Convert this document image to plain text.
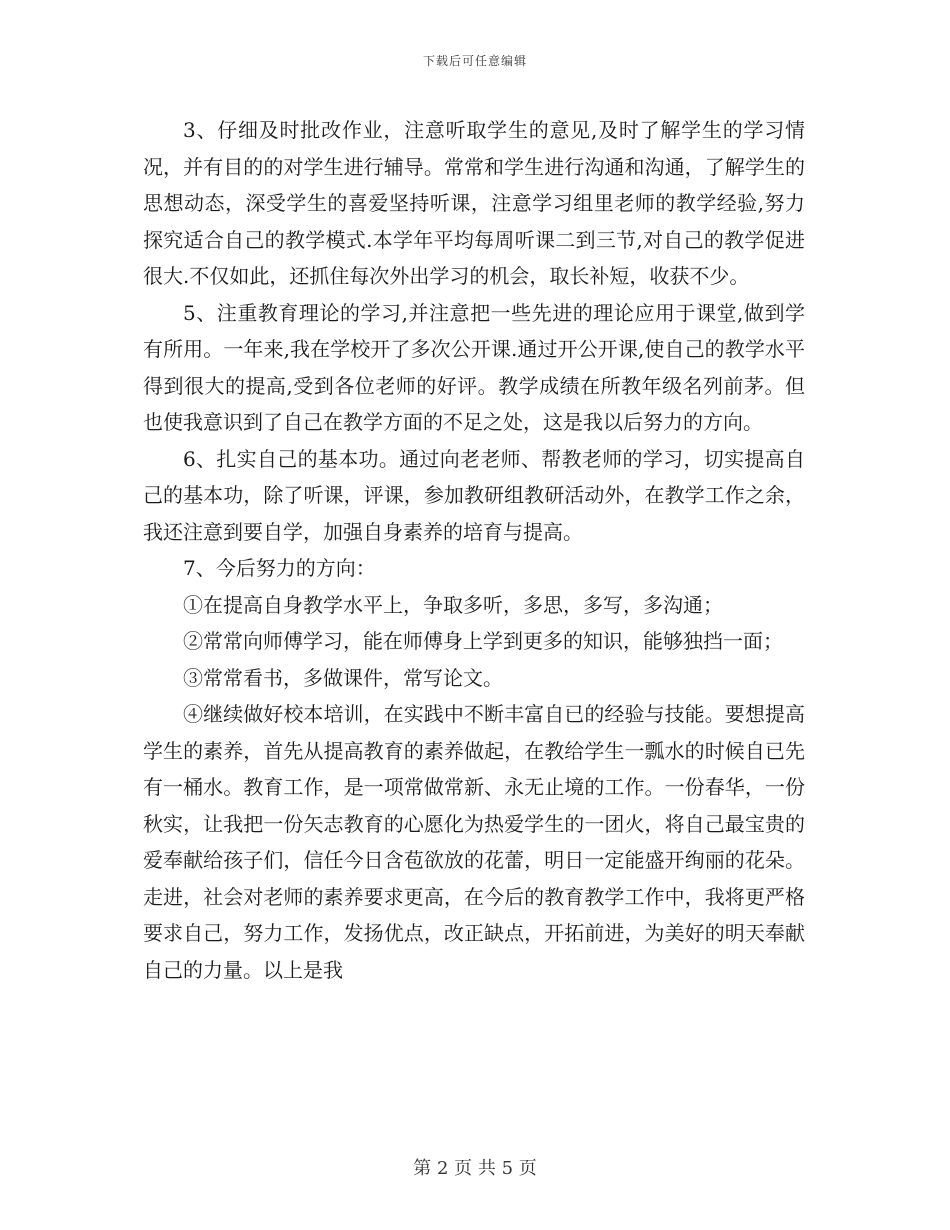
下载后可任意编辑

3、仔细及时批改作业，注意听取学生的意见,及时了解学生的学习情况，并有目的的对学生进行辅导。常常和学生进行沟通和沟通，了解学生的思想动态，深受学生的喜爱坚持听课，注意学习组里老师的教学经验,努力探究适合自己的教学模式.本学年平均每周听课二到三节,对自己的教学促进很大.不仅如此，还抓住每次外出学习的机会，取长补短，收获不少。

5、注重教育理论的学习,并注意把一些先进的理论应用于课堂,做到学有所用。一年来,我在学校开了多次公开课.通过开公开课,使自己的教学水平得到很大的提高,受到各位老师的好评。教学成绩在所教年级名列前茅。但也使我意识到了自己在教学方面的不足之处，这是我以后努力的方向。

6、扎实自己的基本功。通过向老老师、帮教老师的学习，切实提高自己的基本功，除了听课，评课，参加教研组教研活动外，在教学工作之余，我还注意到要自学，加强自身素养的培育与提高。

7、今后努力的方向：

①在提高自身教学水平上，争取多听，多思，多写，多沟通；

②常常向师傅学习，能在师傅身上学到更多的知识，能够独挡一面；

③常常看书，多做课件，常写论文。

④继续做好校本培训，在实践中不断丰富自已的经验与技能。要想提高学生的素养，首先从提高教育的素养做起，在教给学生一瓢水的时候自已先有一桶水。教育工作，是一项常做常新、永无止境的工作。一份春华，一份秋实，让我把一份矢志教育的心愿化为热爱学生的一团火，将自己最宝贵的爱奉献给孩子们，信任今日含苞欲放的花蕾，明日一定能盛开绚丽的花朵。走进，社会对老师的素养要求更高，在今后的教育教学工作中，我将更严格要求自己，努力工作，发扬优点，改正缺点，开拓前进，为美好的明天奉献自己的力量。以上是我

第 2 页 共 5 页
